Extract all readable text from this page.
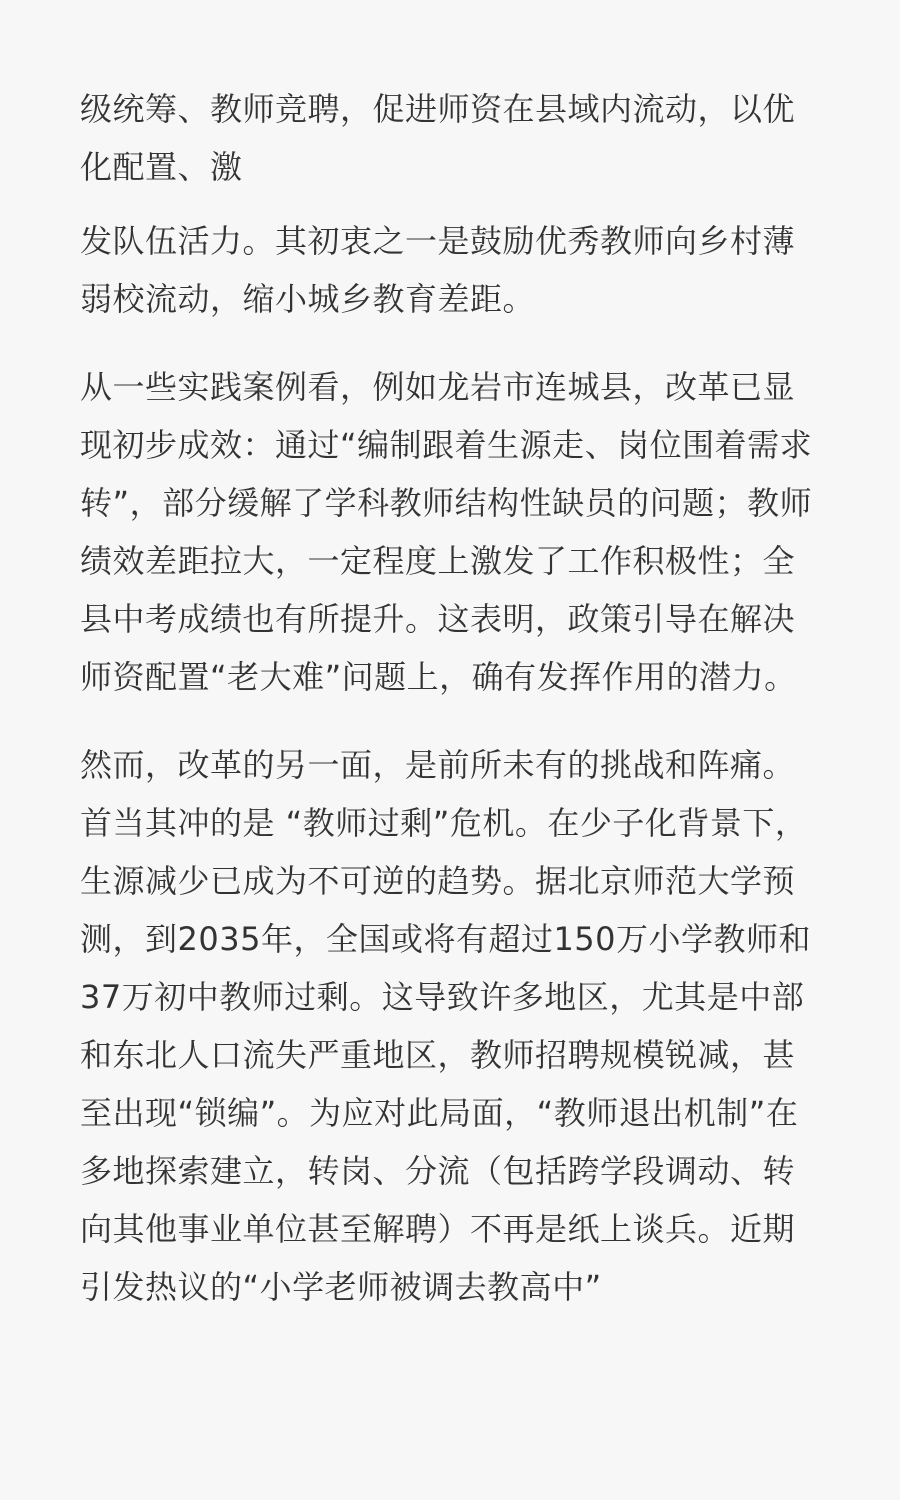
级统筹、教师竞聘，促进师资在县域内流动，以优化配置、激

发队伍活力。其初衷之一是鼓励优秀教师向乡村薄弱校流动，缩小城乡教育差距。

从一些实践案例看，例如龙岩市连城县，改革已显现初步成效：通过“编制跟着生源走、岗位围着需求转”，部分缓解了学科教师结构性缺员的问题；教师绩效差距拉大，一定程度上激发了工作积极性；全县中考成绩也有所提升。这表明，政策引导在解决师资配置“老大难”问题上，确有发挥作用的潜力。

然而，改革的另一面，是前所未有的挑战和阵痛。首当其冲的是 “教师过剩”危机。在少子化背景下，生源减少已成为不可逆的趋势。据北京师范大学预测，到2035年，全国或将有超过150万小学教师和37万初中教师过剩。这导致许多地区，尤其是中部和东北人口流失严重地区，教师招聘规模锐减，甚至出现“锁编”。为应对此局面，“教师退出机制”在多地探索建立，转岗、分流（包括跨学段调动、转向其他事业单位甚至解聘）不再是纸上谈兵。近期引发热议的“小学老师被调去教高中”
